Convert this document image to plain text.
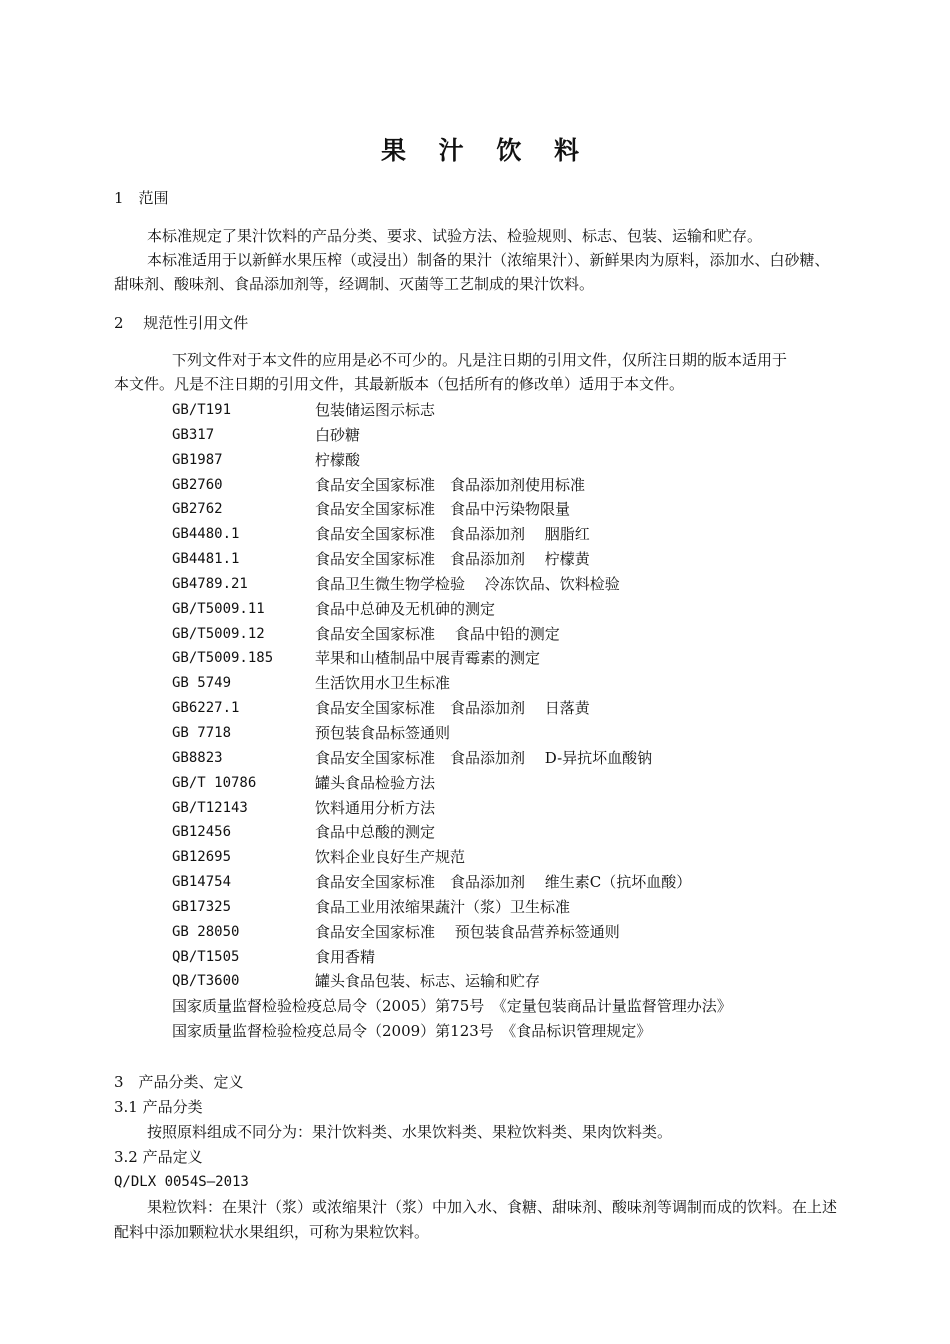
果 汁 饮 料
1　范围
本标准规定了果汁饮料的产品分类、要求、试验方法、检验规则、标志、包装、运输和贮存。
本标准适用于以新鲜水果压榨（或浸出）制备的果汁（浓缩果汁）、新鲜果肉为原料，添加水、白砂糖、
甜味剂、酸味剂、食品添加剂等，经调制、灭菌等工艺制成的果汁饮料。
2　 规范性引用文件
下列文件对于本文件的应用是必不可少的。凡是注日期的引用文件，仅所注日期的版本适用于
本文件。凡是不注日期的引用文件，其最新版本（包括所有的修改单）适用于本文件。
GB/T191	包装储运图示标志
GB317	白砂糖
GB1987	柠檬酸
GB2760	食品安全国家标准　食品添加剂使用标准
GB2762	食品安全国家标准　食品中污染物限量
GB4480.1	食品安全国家标准　食品添加剂　 胭脂红
GB4481.1	食品安全国家标准　食品添加剂　 柠檬黄
GB4789.21	食品卫生微生物学检验　 冷冻饮品、饮料检验
GB/T5009.11	食品中总砷及无机砷的测定
GB/T5009.12	食品安全国家标准　 食品中铅的测定
GB/T5009.185	苹果和山楂制品中展青霉素的测定
GB 5749	生活饮用水卫生标准
GB6227.1	食品安全国家标准　食品添加剂　 日落黄
GB 7718	预包装食品标签通则
GB8823	食品安全国家标准　食品添加剂　 D-异抗坏血酸钠
GB/T 10786	罐头食品检验方法
GB/T12143	饮料通用分析方法
GB12456	食品中总酸的测定
GB12695	饮料企业良好生产规范
GB14754	食品安全国家标准　食品添加剂　 维生素C（抗坏血酸）
GB17325	食品工业用浓缩果蔬汁（浆）卫生标准
GB 28050	食品安全国家标准　 预包装食品营养标签通则
QB/T1505	食用香精
QB/T3600	罐头食品包装、标志、运输和贮存
国家质量监督检验检疫总局令（2005）第75号　《定量包装商品计量监督管理办法》
国家质量监督检验检疫总局令（2009）第123号　《食品标识管理规定》
3　产品分类、定义
3.1 产品分类
按照原料组成不同分为：果汁饮料类、水果饮料类、果粒饮料类、果肉饮料类。
3.2 产品定义
Q/DLX 0054S—2013
果粒饮料：在果汁（浆）或浓缩果汁（浆）中加入水、食糖、甜味剂、酸味剂等调制而成的饮料。在上述
配料中添加颗粒状水果组织，可称为果粒饮料。
